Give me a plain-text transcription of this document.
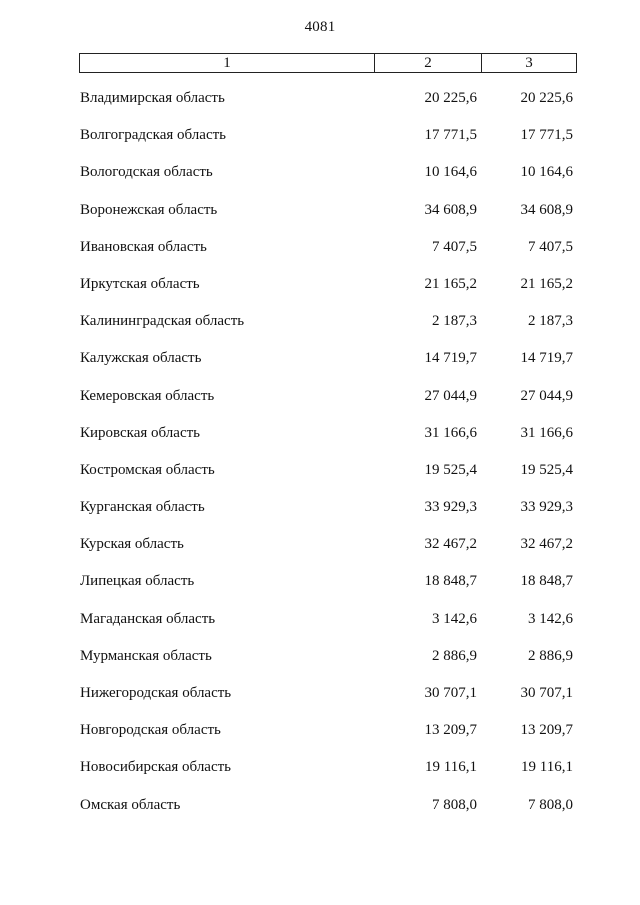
4081
1	2	3
Владимирская область	20 225,6	20 225,6
Волгоградская область	17 771,5	17 771,5
Вологодская область	10 164,6	10 164,6
Воронежская область	34 608,9	34 608,9
Ивановская область	7 407,5	7 407,5
Иркутская область	21 165,2	21 165,2
Калининградская область	2 187,3	2 187,3
Калужская область	14 719,7	14 719,7
Кемеровская область	27 044,9	27 044,9
Кировская область	31 166,6	31 166,6
Костромская область	19 525,4	19 525,4
Курганская область	33 929,3	33 929,3
Курская область	32 467,2	32 467,2
Липецкая область	18 848,7	18 848,7
Магаданская область	3 142,6	3 142,6
Мурманская область	2 886,9	2 886,9
Нижегородская область	30 707,1	30 707,1
Новгородская область	13 209,7	13 209,7
Новосибирская область	19 116,1	19 116,1
Омская область	7 808,0	7 808,0
